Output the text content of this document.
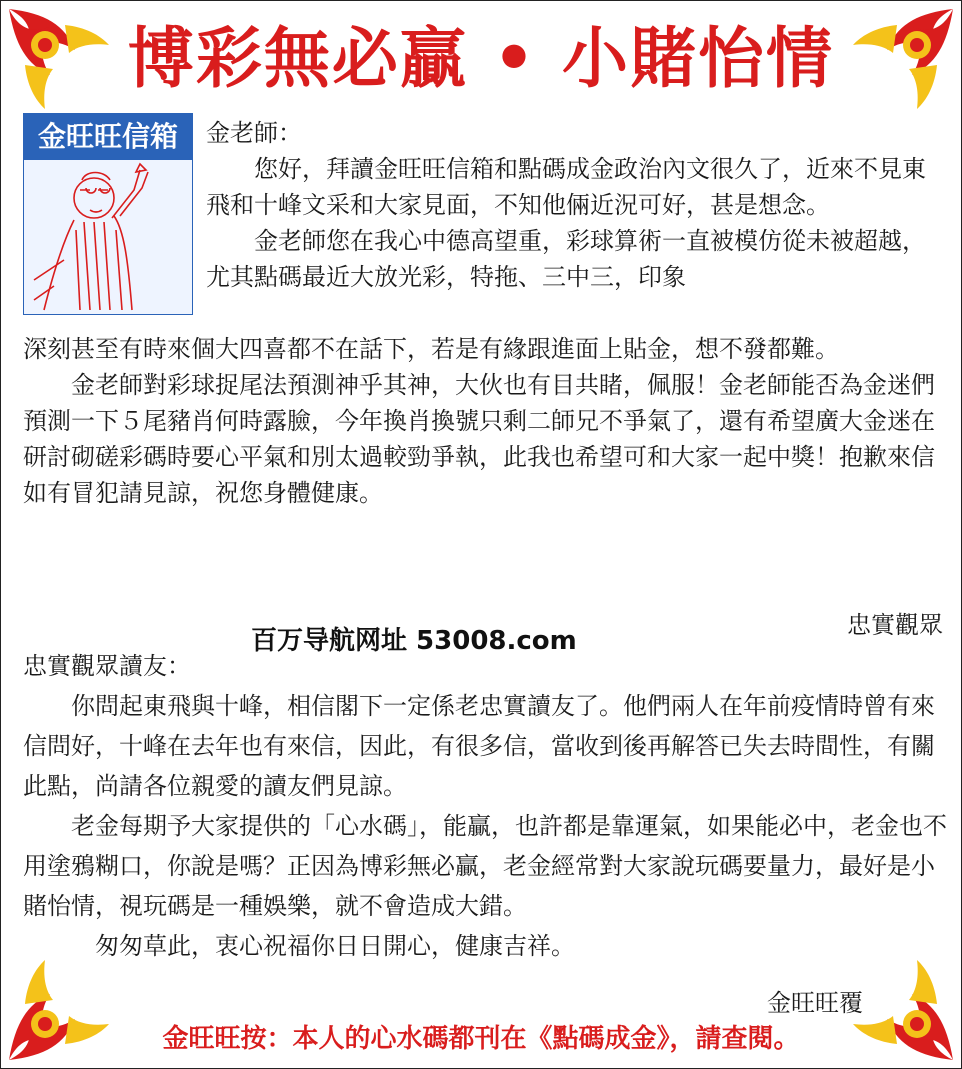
博彩無必贏 • 小賭怡情
金旺旺信箱	金老師：

您好，拜讀金旺旺信箱和點碼成金政治內文很久了，近來不見東飛和十峰文采和大家見面，不知他倆近況可好，甚是想念。

金老師您在我心中德高望重，彩球算術一直被模仿從未被超越，尤其點碼最近大放光彩，特拖、三中三，印象

深刻甚至有時來個大四喜都不在話下，若是有緣跟進面上貼金，想不發都難。

金老師對彩球捉尾法預測神乎其神，大伙也有目共睹，佩服！金老師能否為金迷們預測一下５尾豬肖何時露臉，今年換肖換號只剩二師兄不爭氣了，還有希望廣大金迷在研討砌磋彩碼時要心平氣和別太過較勁爭執，此我也希望可和大家一起中獎！抱歉來信如有冒犯請見諒，祝您身體健康。

忠實觀眾
百万导航网址 53008.com

忠實觀眾讀友：

你問起東飛與十峰，相信閣下一定係老忠實讀友了。他們兩人在年前疫情時曾有來信問好，十峰在去年也有來信，因此，有很多信，當收到後再解答已失去時間性，有關此點，尚請各位親愛的讀友們見諒。

老金每期予大家提供的「心水碼」，能贏，也許都是靠運氣，如果能必中，老金也不用塗鴉糊口，你說是嗎？正因為博彩無必贏，老金經常對大家說玩碼要量力，最好是小賭怡情，視玩碼是一種娛樂，就不會造成大錯。

匆匆草此，衷心祝福你日日開心，健康吉祥。

金旺旺覆
金旺旺按：本人的心水碼都刊在《點碼成金》，請查閱。
